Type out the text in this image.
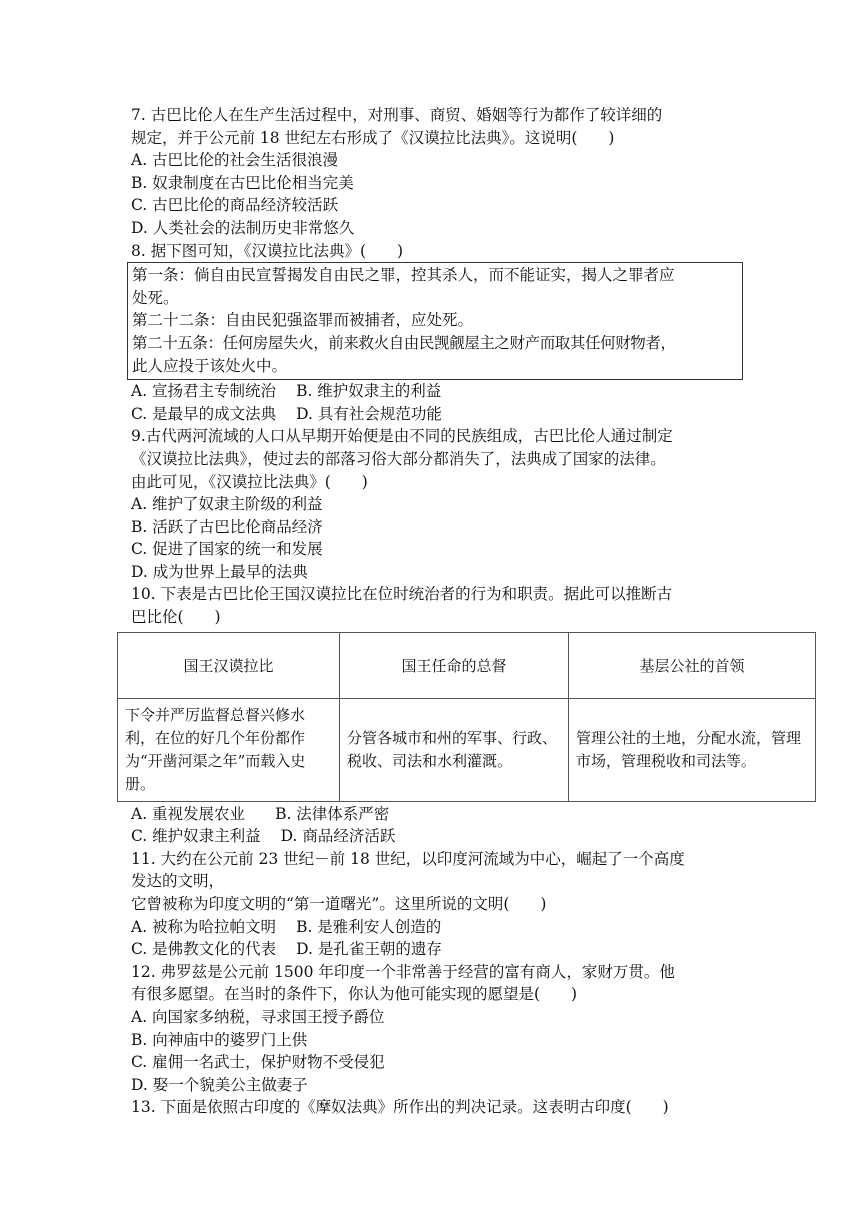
7. 古巴比伦人在生产生活过程中，对刑事、商贸、婚姻等行为都作了较详细的
规定，并于公元前 18 世纪左右形成了《汉谟拉比法典》。这说明(　　)
A. 古巴比伦的社会生活很浪漫
B. 奴隶制度在古巴比伦相当完美
C. 古巴比伦的商品经济较活跃
D. 人类社会的法制历史非常悠久
8. 据下图可知，《汉谟拉比法典》(　　)
第一条：倘自由民宣誓揭发自由民之罪，控其杀人，而不能证实，揭人之罪者应
处死。
第二十二条：自由民犯强盗罪而被捕者，应处死。
第二十五条：任何房屋失火，前来救火自由民觊觎屋主之财产而取其任何财物者，
此人应投于该处火中。
A. 宣扬君主专制统治 B. 维护奴隶主的利益
C. 是最早的成文法典 D. 具有社会规范功能
9.古代两河流域的人口从早期开始便是由不同的民族组成，古巴比伦人通过制定
《汉谟拉比法典》，使过去的部落习俗大部分都消失了，法典成了国家的法律。
由此可见，《汉谟拉比法典》(　　)
A. 维护了奴隶主阶级的利益
B. 活跃了古巴比伦商品经济
C. 促进了国家的统一和发展
D. 成为世界上最早的法典
10. 下表是古巴比伦王国汉谟拉比在位时统治者的行为和职责。据此可以推断古
巴比伦(　　)
国王汉谟拉比	国王任命的总督	基层公社的首领
下令并严厉监督总督兴修水利，在位的好几个年份都作为“开凿河渠之年”而载入史册。	分管各城市和州的军事、行政、税收、司法和水利灌溉。	管理公社的土地，分配水流，管理市场，管理税收和司法等。
A. 重视发展农业 B. 法律体系严密
C. 维护奴隶主利益 D. 商品经济活跃
11. 大约在公元前 23 世纪－前 18 世纪，以印度河流域为中心，崛起了一个高度
发达的文明，
它曾被称为印度文明的“第一道曙光”。这里所说的文明(　　)
A. 被称为哈拉帕文明 B. 是雅利安人创造的
C. 是佛教文化的代表 D. 是孔雀王朝的遗存
12. 弗罗兹是公元前 1500 年印度一个非常善于经营的富有商人，家财万贯。他
有很多愿望。在当时的条件下，你认为他可能实现的愿望是(　　)
A. 向国家多纳税，寻求国王授予爵位
B. 向神庙中的婆罗门上供
C. 雇佣一名武士，保护财物不受侵犯
D. 娶一个貌美公主做妻子
13. 下面是依照古印度的《摩奴法典》所作出的判决记录。这表明古印度(　　)
